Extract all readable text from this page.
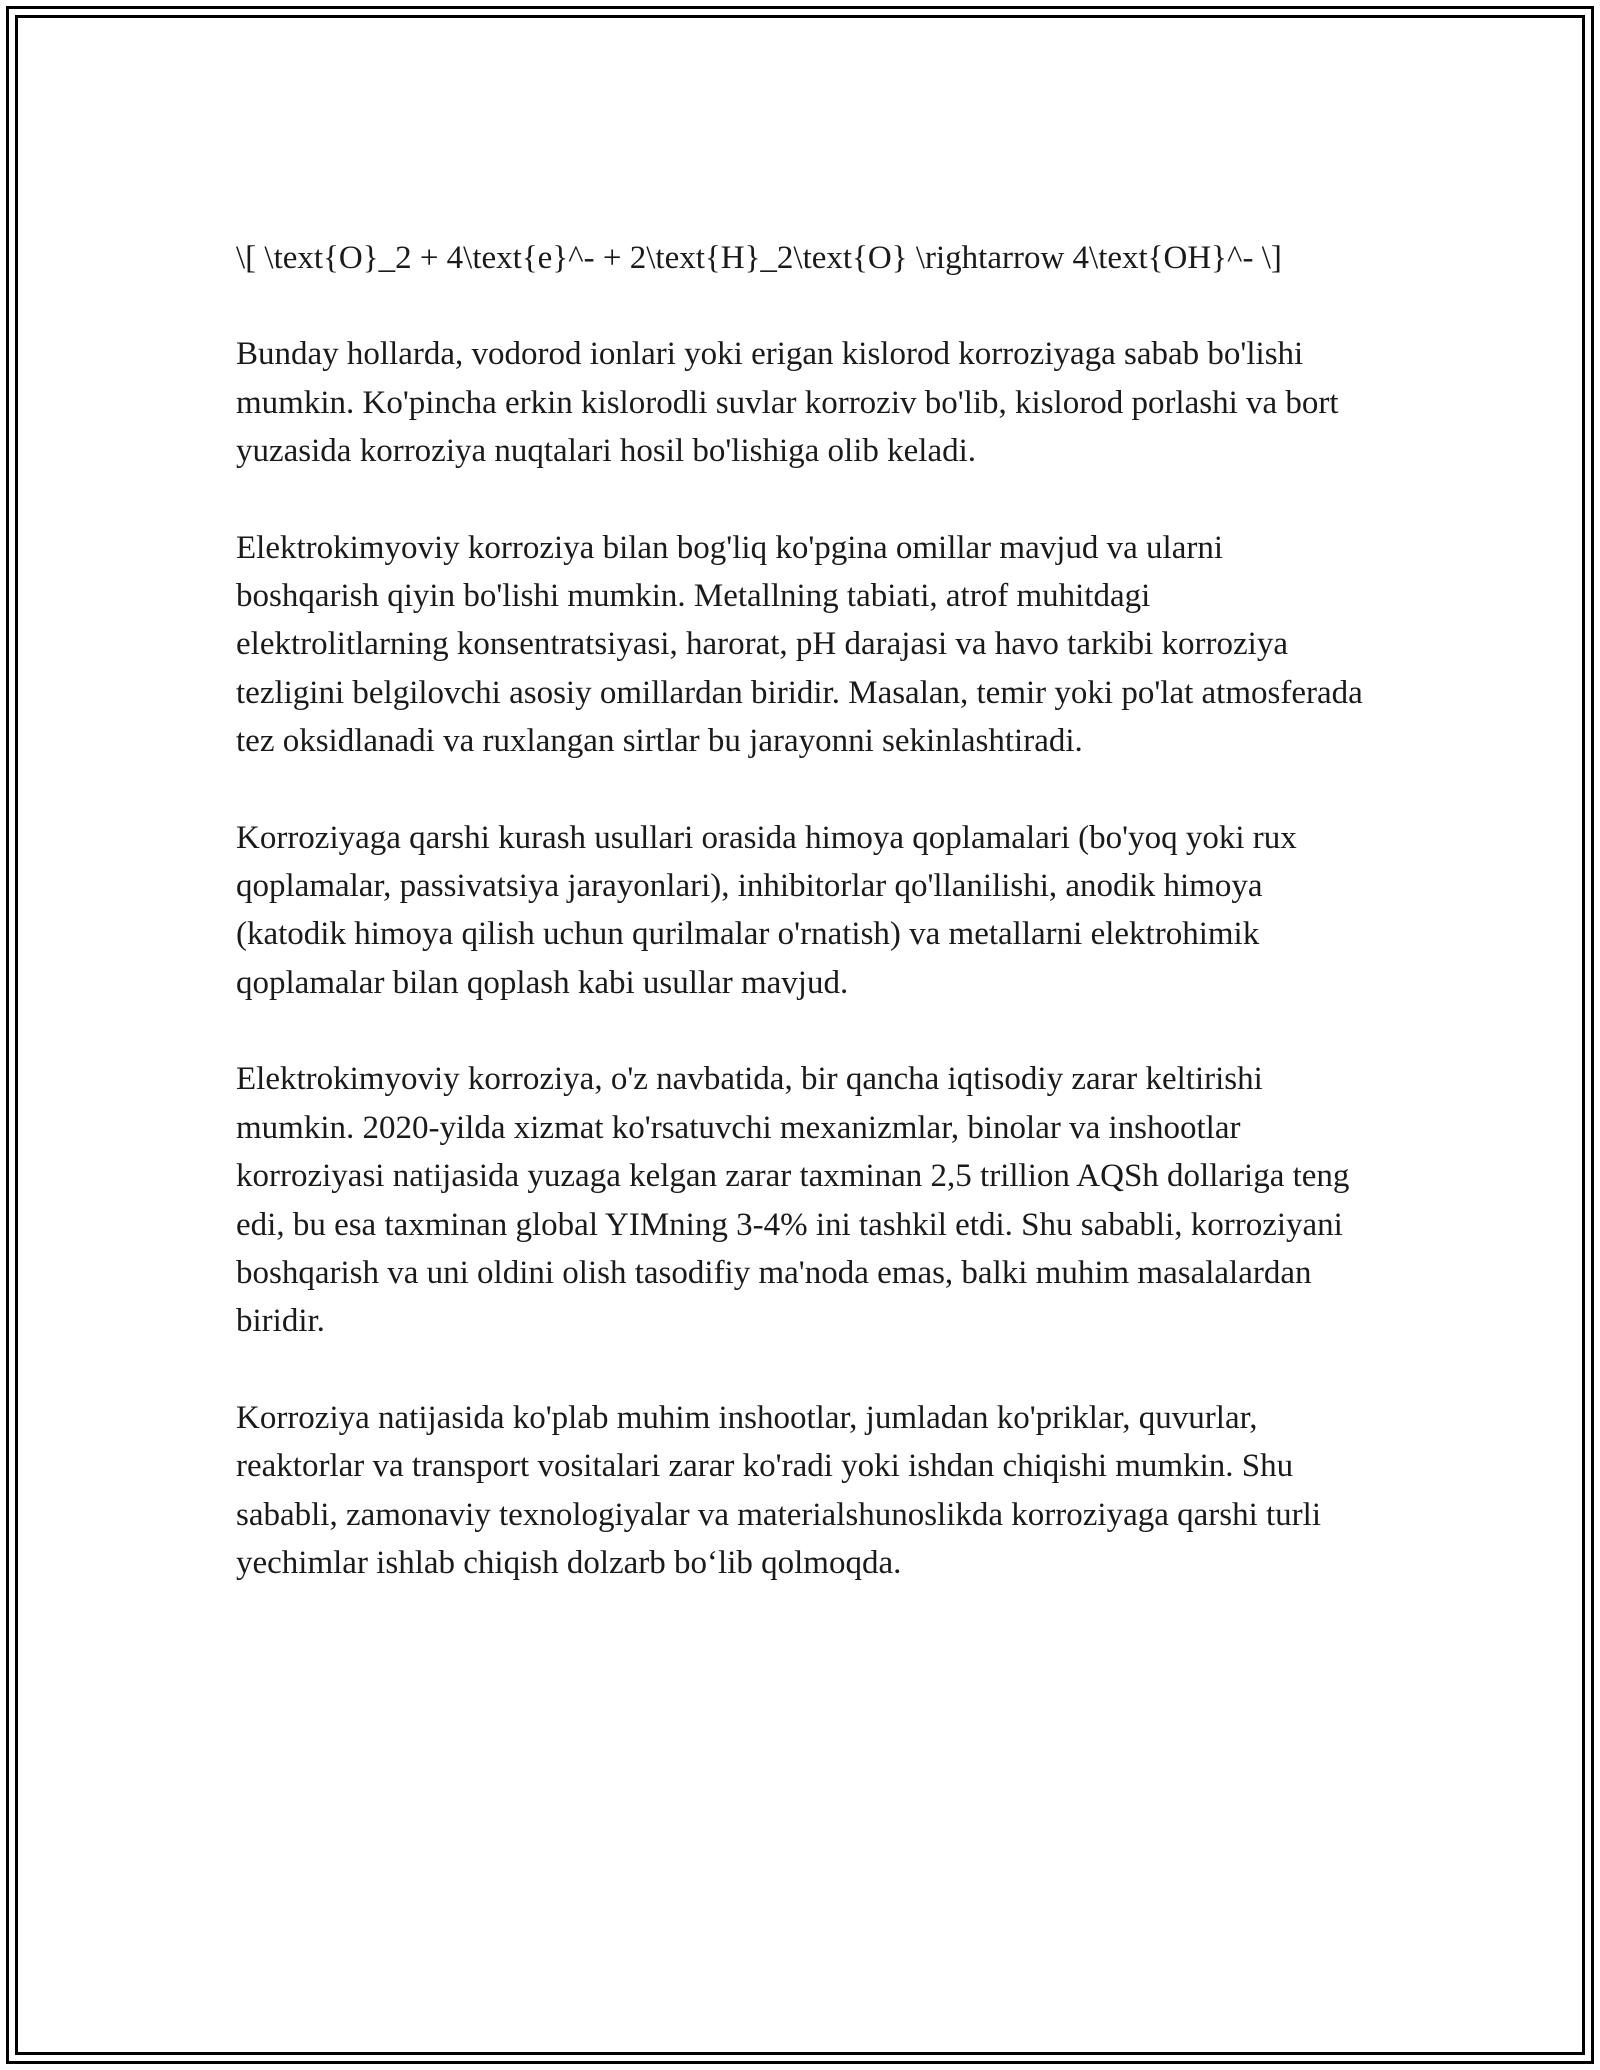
\[ \text{O}_2 + 4\text{e}^- + 2\text{H}_2\text{O} \rightarrow 4\text{OH}^- \]

Bunday hollarda, vodorod ionlari yoki erigan kislorod korroziyaga sabab bo'lishi mumkin. Ko'pincha erkin kislorodli suvlar korroziv bo'lib, kislorod porlashi va bort yuzasida korroziya nuqtalari hosil bo'lishiga olib keladi.

Elektrokimyoviy korroziya bilan bog'liq ko'pgina omillar mavjud va ularni boshqarish qiyin bo'lishi mumkin. Metallning tabiati, atrof muhitdagi elektrolitlarning konsentratsiyasi, harorat, pH darajasi va havo tarkibi korroziya tezligini belgilovchi asosiy omillardan biridir. Masalan, temir yoki po'lat atmosferada tez oksidlanadi va ruxlangan sirtlar bu jarayonni sekinlashtiradi.

Korroziyaga qarshi kurash usullari orasida himoya qoplamalari (bo'yoq yoki rux qoplamalar, passivatsiya jarayonlari), inhibitorlar qo'llanilishi, anodik himoya (katodik himoya qilish uchun qurilmalar o'rnatish) va metallarni elektrohimik qoplamalar bilan qoplash kabi usullar mavjud.

Elektrokimyoviy korroziya, o'z navbatida, bir qancha iqtisodiy zarar keltirishi mumkin. 2020-yilda xizmat ko'rsatuvchi mexanizmlar, binolar va inshootlar korroziyasi natijasida yuzaga kelgan zarar taxminan 2,5 trillion AQSh dollariga teng edi, bu esa taxminan global YIMning 3-4% ini tashkil etdi. Shu sababli, korroziyani boshqarish va uni oldini olish tasodifiy ma'noda emas, balki muhim masalalardan biridir.

Korroziya natijasida ko'plab muhim inshootlar, jumladan ko'priklar, quvurlar, reaktorlar va transport vositalari zarar ko'radi yoki ishdan chiqishi mumkin. Shu sababli, zamonaviy texnologiyalar va materialshunoslikda korroziyaga qarshi turli yechimlar ishlab chiqish dolzarb bo‘lib qolmoqda.
